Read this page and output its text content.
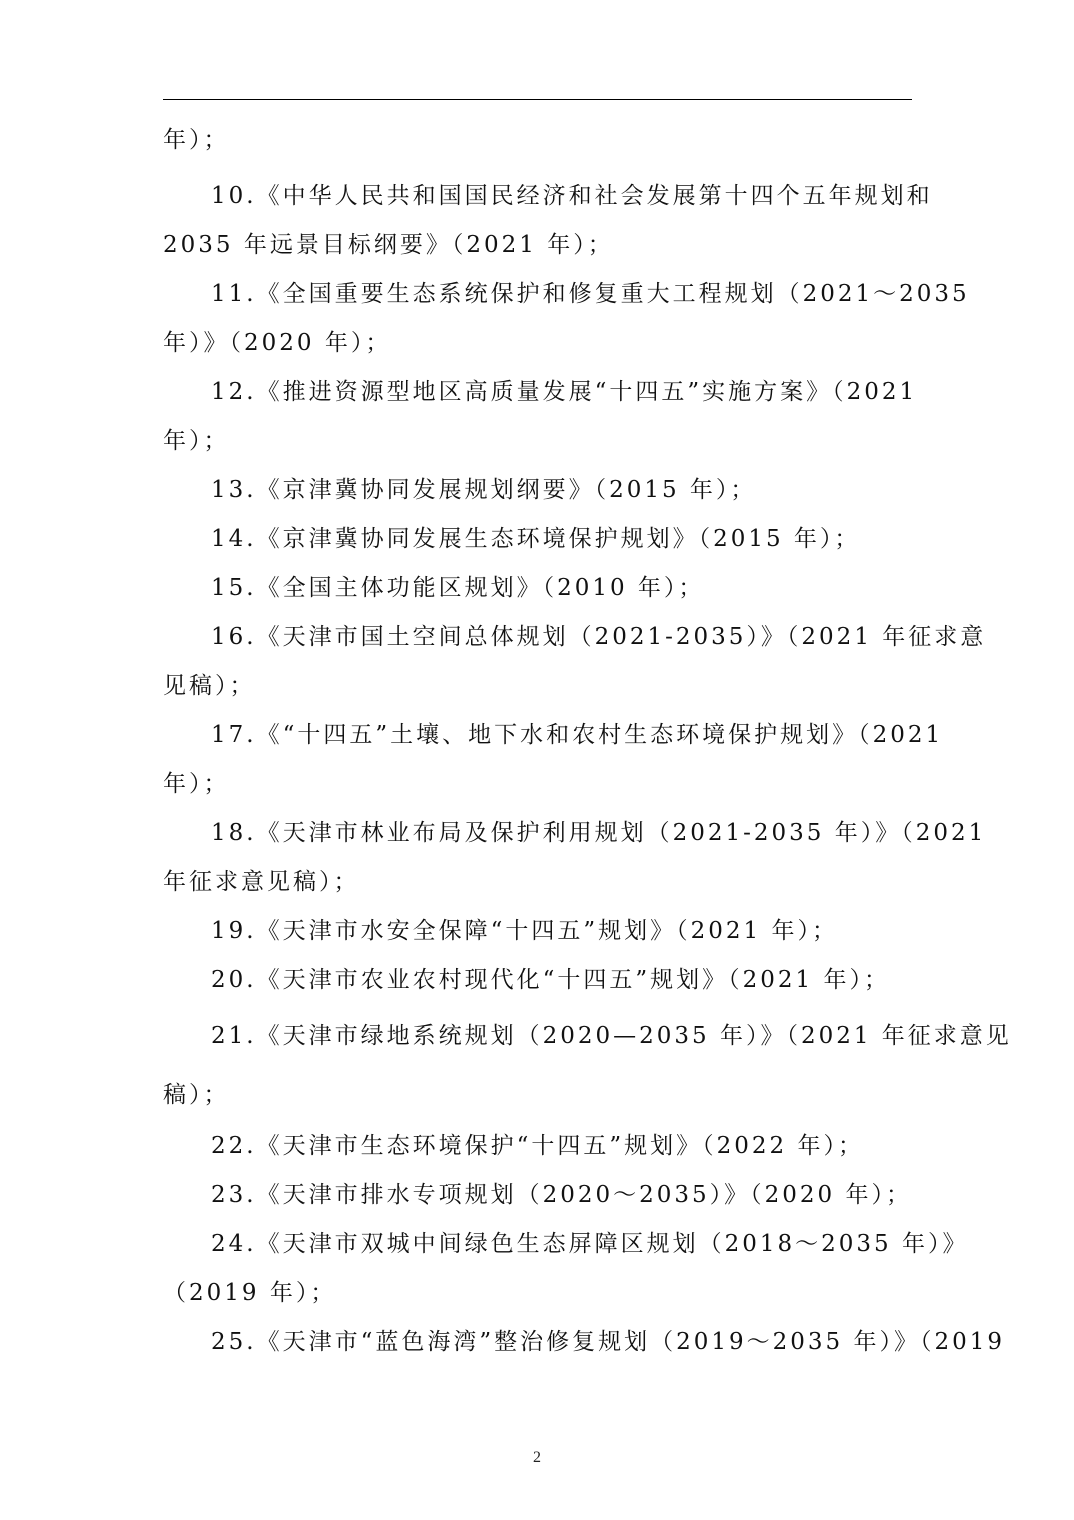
年）；
10.《中华人民共和国国民经济和社会发展第十四个五年规划和
2035 年远景目标纲要》（2021 年）；
11.《全国重要生态系统保护和修复重大工程规划（2021～2035
年）》（2020 年）；
12.《推进资源型地区高质量发展“十四五”实施方案》（2021
年）；
13.《京津冀协同发展规划纲要》（2015 年）；
14.《京津冀协同发展生态环境保护规划》（2015 年）；
15.《全国主体功能区规划》（2010 年）；
16.《天津市国土空间总体规划（2021-2035）》（2021 年征求意
见稿）；
17.《“十四五”土壤、地下水和农村生态环境保护规划》（2021
年）；
18.《天津市林业布局及保护利用规划（2021-2035 年）》（2021
年征求意见稿）；
19.《天津市水安全保障“十四五”规划》（2021 年）；
20.《天津市农业农村现代化“十四五”规划》（2021 年）；
21.《天津市绿地系统规划（2020—2035 年）》（2021 年征求意见
稿）；
22.《天津市生态环境保护“十四五”规划》（2022 年）；
23.《天津市排水专项规划（2020～2035）》（2020 年）；
24.《天津市双城中间绿色生态屏障区规划（2018～2035 年）》
（2019 年）；
25.《天津市“蓝色海湾”整治修复规划（2019～2035 年）》（2019
2
